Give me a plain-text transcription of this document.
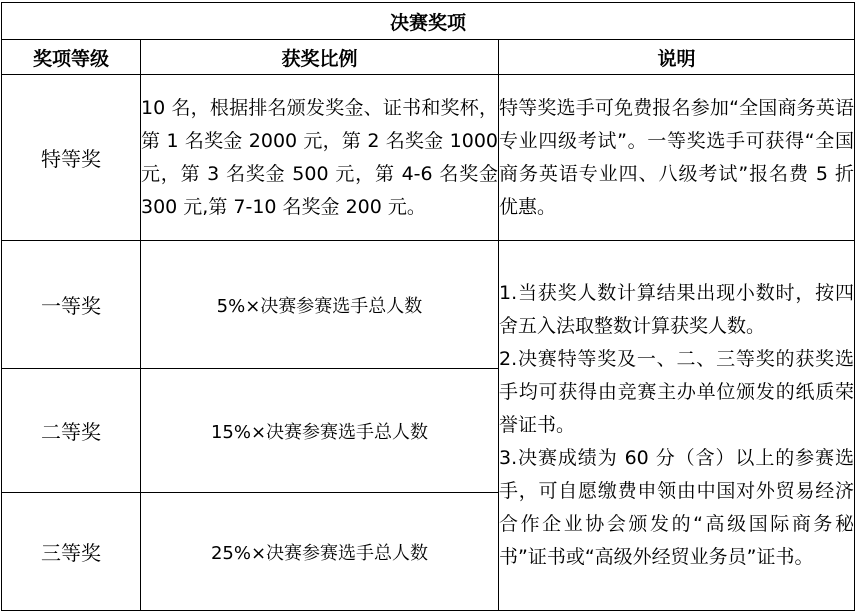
决赛奖项		
奖项等级	获奖比例	说明
特等奖	10 名，根据排名颁发奖金、证书和奖杯，第 1 名奖金 2000 元，第 2 名奖金 1000 元，第 3 名奖金 500 元，第 4-6 名奖金 300 元,第 7-10 名奖金 200 元。	特等奖选手可免费报名参加“全国商务英语专业四级考试”。一等奖选手可获得“全国商务英语专业四、八级考试”报名费 5 折优惠。

一等奖	5%×决赛参赛选手总人数	1.当获奖人数计算结果出现小数时，按四舍五入法取整数计算获奖人数。

2.决赛特等奖及一、二、三等奖的获奖选手均可获得由竞赛主办单位颁发的纸质荣誉证书。

3.决赛成绩为 60 分（含）以上的参赛选手，可自愿缴费申领由中国对外贸易经济合作企业协会颁发的“高级国际商务秘书”证书或“高级外经贸业务员”证书。

二等奖	15%×决赛参赛选手总人数	
三等奖	25%×决赛参赛选手总人数	
